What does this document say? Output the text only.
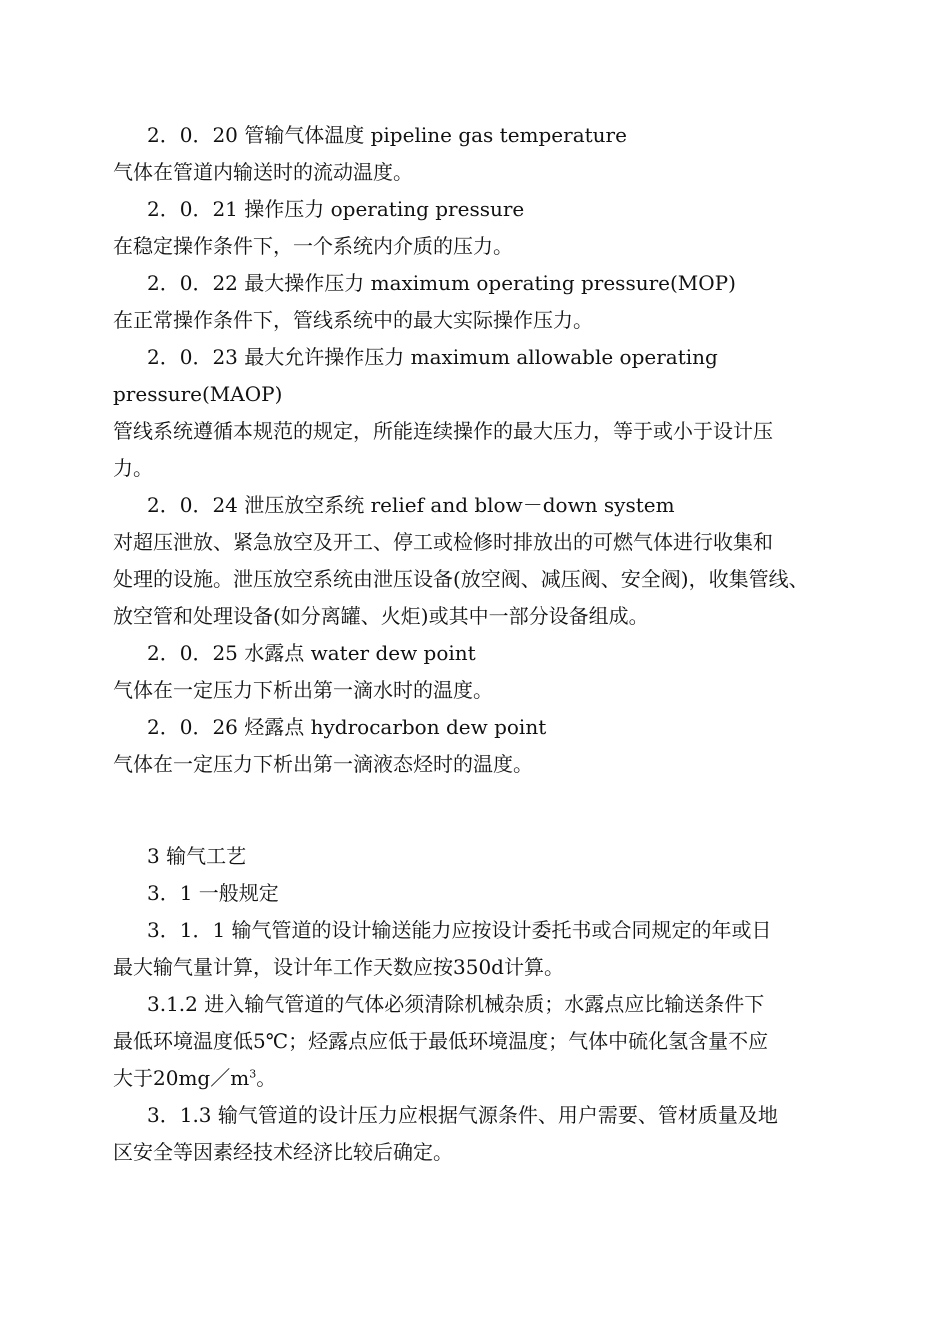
2．0．20 管输气体温度 pipeline gas temperature
气体在管道内输送时的流动温度。
2．0．21 操作压力 operating pressure
在稳定操作条件下，一个系统内介质的压力。
2．0．22 最大操作压力 maximum operating pressure(MOP)
在正常操作条件下，管线系统中的最大实际操作压力。
2．0．23 最大允许操作压力 maximum allowable operating
pressure(MAOP)
管线系统遵循本规范的规定，所能连续操作的最大压力，等于或小于设计压
力。
2．0．24 泄压放空系统 relief and blow－down system
对超压泄放、紧急放空及开工、停工或检修时排放出的可燃气体进行收集和
处理的设施。泄压放空系统由泄压设备(放空阀、减压阀、安全阀)，收集管线、
放空管和处理设备(如分离罐、火炬)或其中一部分设备组成。
2．0．25 水露点 water dew point
气体在一定压力下析出第一滴水时的温度。
2．0．26 烃露点 hydrocarbon dew point
气体在一定压力下析出第一滴液态烃时的温度。
3 输气工艺
3．1 一般规定
3．1．1 输气管道的设计输送能力应按设计委托书或合同规定的年或日
最大输气量计算，设计年工作天数应按350d计算。
3.1.2 进入输气管道的气体必须清除机械杂质；水露点应比输送条件下
最低环境温度低5℃；烃露点应低于最低环境温度；气体中硫化氢含量不应
大于$20mg/m^3$。
3．1.3 输气管道的设计压力应根据气源条件、用户需要、管材质量及地
区安全等因素经技术经济比较后确定。
